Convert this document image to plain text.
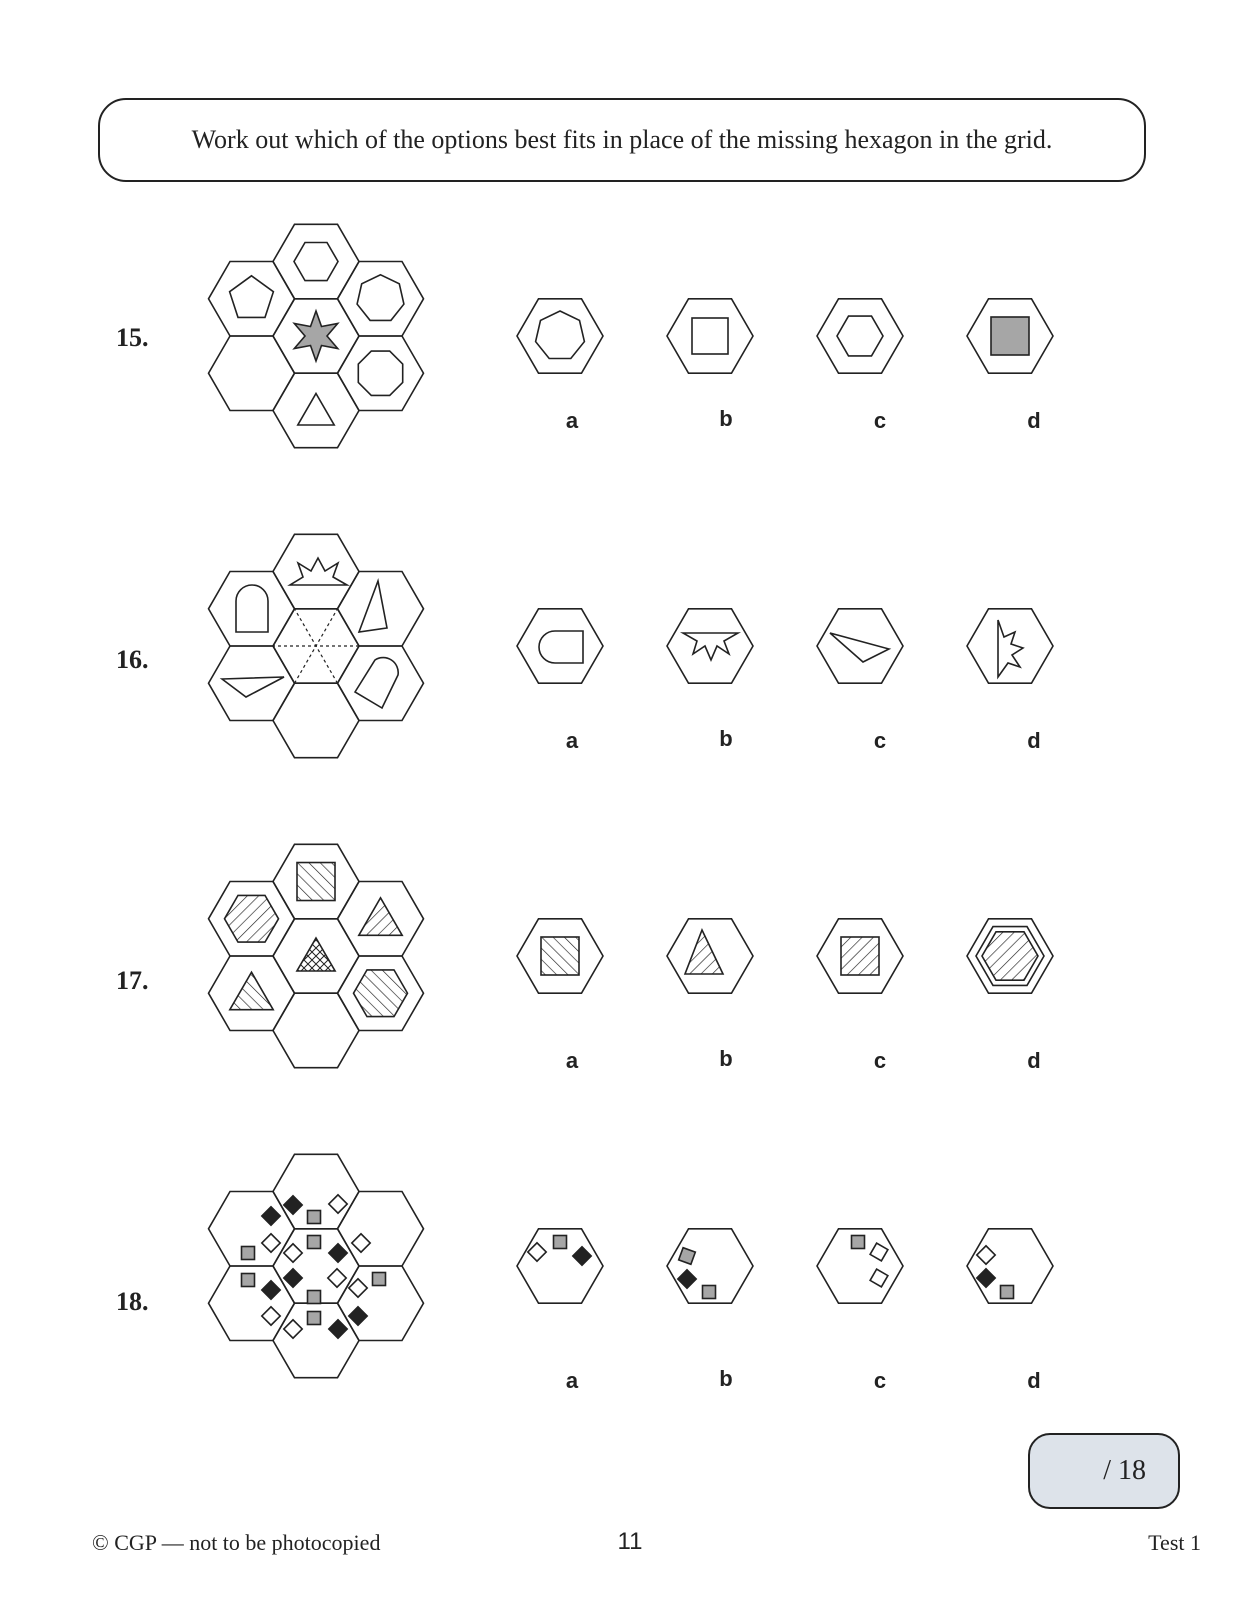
Work out which of the options best fits in place of the missing hexagon in the grid.
15.
16.
17.
18.
a	b	c	d
a	b	c	d
a	b	c	d
a	b	c	d
/ 18
© CGP — not to be photocopied	11	Test 1
